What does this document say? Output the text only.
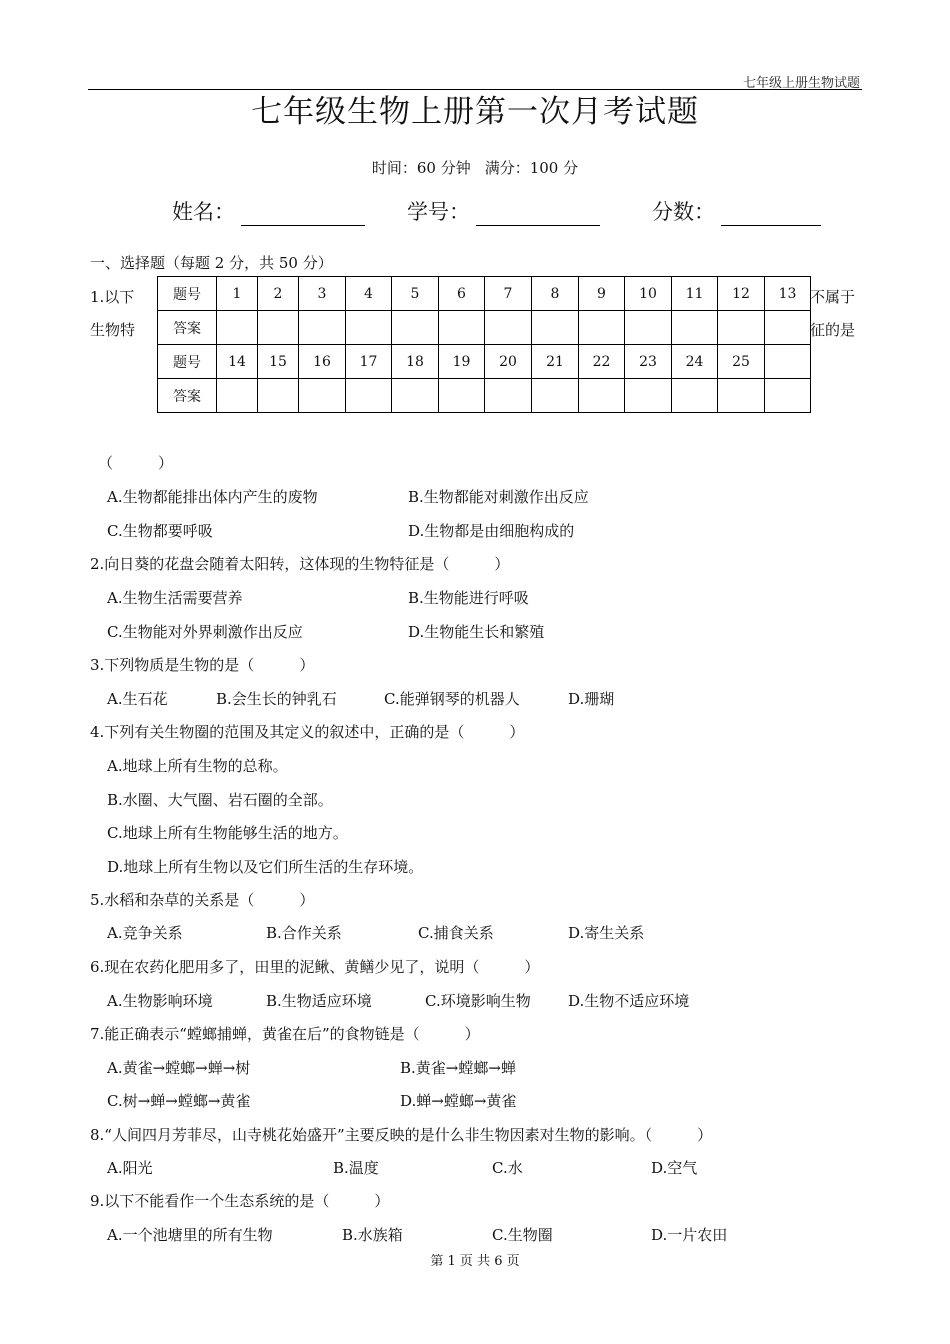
七年级上册生物试题
七年级生物上册第一次月考试题
时间：60 分钟 满分：100 分
姓名：	学号：	分数：
一、选择题（每题 2 分，共 50 分）
1.以下
生物特
不属于
征的是
题号	1	2	3	4	5	6	7	8	9	10	11	12	13
答案													
题号	14	15	16	17	18	19	20	21	22	23	24	25	
答案													
（　　　）
A.生物都能排出体内产生的废物	B.生物都能对刺激作出反应
C.生物都要呼吸	D.生物都是由细胞构成的
2.向日葵的花盘会随着太阳转，这体现的生物特征是（　　　）
A.生物生活需要营养	B.生物能进行呼吸
C.生物能对外界刺激作出反应	D.生物能生长和繁殖
3.下列物质是生物的是（　　　）
A.生石花	B.会生长的钟乳石	C.能弹钢琴的机器人	D.珊瑚
4.下列有关生物圈的范围及其定义的叙述中，正确的是（　　　）
A.地球上所有生物的总称。
B.水圈、大气圈、岩石圈的全部。
C.地球上所有生物能够生活的地方。
D.地球上所有生物以及它们所生活的生存环境。
5.水稻和杂草的关系是（　　　）
A.竞争关系	B.合作关系	C.捕食关系	D.寄生关系
6.现在农药化肥用多了，田里的泥鳅、黄鳝少见了，说明（　　　）
A.生物影响环境	B.生物适应环境	C.环境影响生物 D.生物不适应环境
7.能正确表示“螳螂捕蝉，黄雀在后”的食物链是（　　　）
A.黄雀→螳螂→蝉→树	B.黄雀→螳螂→蝉
C.树→蝉→螳螂→黄雀	D.蝉→螳螂→黄雀
8.“人间四月芳菲尽，山寺桃花始盛开”主要反映的是什么非生物因素对生物的影响。（　　　）
A.阳光	B.温度	C.水	D.空气
9.以下不能看作一个生态系统的是（　　　）
A.一个池塘里的所有生物	B.水族箱	C.生物圈	D.一片农田
第 1 页 共 6 页
